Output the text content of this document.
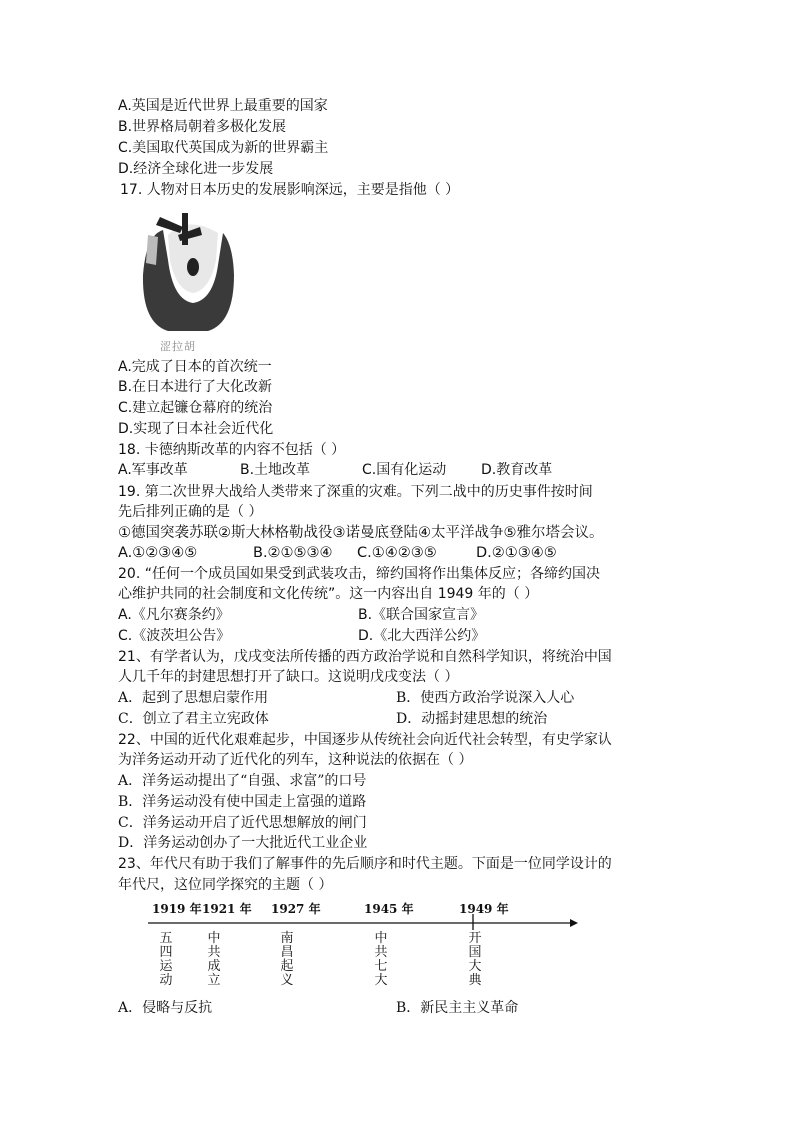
A.英国是近代世界上最重要的国家
B.世界格局朝着多极化发展
C.美国取代英国成为新的世界霸主
D.经济全球化进一步发展
17. 人物对日本历史的发展影响深远，主要是指他（ ）
涩拉胡
A.完成了日本的首次统一
B.在日本进行了大化改新
C.建立起镰仓幕府的统治
D.实现了日本社会近代化
18. 卡德纳斯改革的内容不包括（ ）
A.军事改革	B.土地改革	C.国有化运动 D.教育改革
19. 第二次世界大战给人类带来了深重的灾难。下列二战中的历史事件按时间
先后排列正确的是（ ）
①德国突袭苏联②斯大林格勒战役③诺曼底登陆④太平洋战争⑤雅尔塔会议。
A.①②③④⑤	B.②①⑤③④ C.①④②③⑤	D.②①③④⑤
20. “任何一个成员国如果受到武装攻击，缔约国将作出集体反应；各缔约国决
心维护共同的社会制度和文化传统”。这一内容出自 1949 年的（ ）
A.《凡尔赛条约》	B.《联合国家宣言》
C.《波茨坦公告》	D.《北大西洋公约》
21、有学者认为，戊戌变法所传播的西方政治学说和自然科学知识，将统治中国
人几千年的封建思想打开了缺口。这说明戊戌变法（ ）
A．起到了思想启蒙作用	B．使西方政治学说深入人心
C．创立了君主立宪政体	D．动摇封建思想的统治
22、中国的近代化艰难起步，中国逐步从传统社会向近代社会转型，有史学家认
为洋务运动开动了近代化的列车，这种说法的依据在（ ）
A．洋务运动提出了“自强、求富”的口号
B．洋务运动没有使中国走上富强的道路
C．洋务运动开启了近代思想解放的闸门
D．洋务运动创办了一大批近代工业企业
23、年代尺有助于我们了解事件的先后顺序和时代主题。下面是一位同学设计的
年代尺，这位同学探究的主题（ ）
1919 年 1921 年 1927 年	1945 年	1949 年
五四运动
中共成立
南昌起义
中共七大
开国大典
A．侵略与反抗	B．新民主主义革命
